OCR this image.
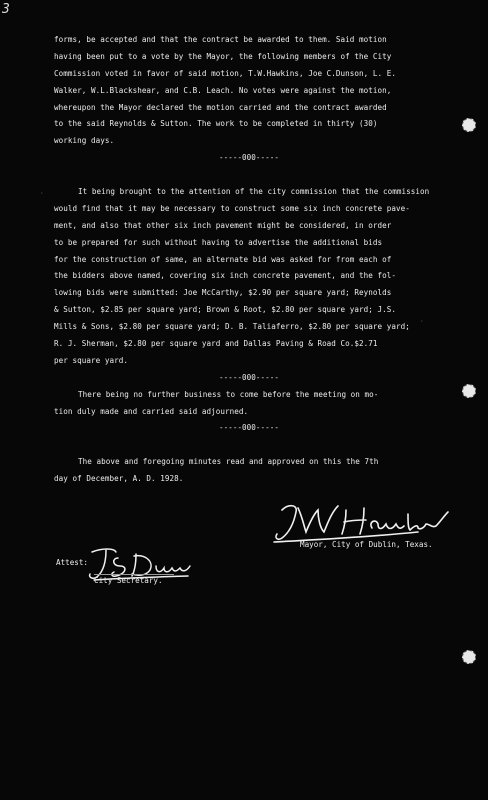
3
forms, be accepted and that the contract be awarded to them. Said motion
having been put to a vote by the Mayor, the following members of the City
Commission voted in favor of said motion, T.W.Hawkins, Joe C.Dunson, L. E.
Walker, W.L.Blackshear, and C.B. Leach. No votes were against the motion,
whereupon the Mayor declared the motion carried and the contract awarded
to the said Reynolds & Sutton. The work to be completed in thirty (30)
working days.
-----000-----
It being brought to the attention of the city commission that the commission
would find that it may be necessary to construct some six inch concrete pave-
ment, and also that other six inch pavement might be considered, in order
to be prepared for such without having to advertise the additional bids
for the construction of same, an alternate bid was asked for from each of
the bidders above named, covering six inch concrete pavement, and the fol-
lowing bids were submitted: Joe McCarthy, $2.90 per square yard; Reynolds
& Sutton, $2.85 per square yard; Brown & Root, $2.80 per square yard; J.S.
Mills & Sons, $2.80 per square yard; D. B. Taliaferro, $2.80 per square yard;
R. J. Sherman, $2.80 per square yard and Dallas Paving & Road Co.$2.71
per square yard.
-----000-----
There being no further business to come before the meeting on mo-
tion duly made and carried said adjourned.
-----000-----
The above and foregoing minutes read and approved on this the 7th
day of December, A. D. 1928.
Mayor, City of Dublin, Texas.
Attest:
City Secretary.
·
·
·
·
